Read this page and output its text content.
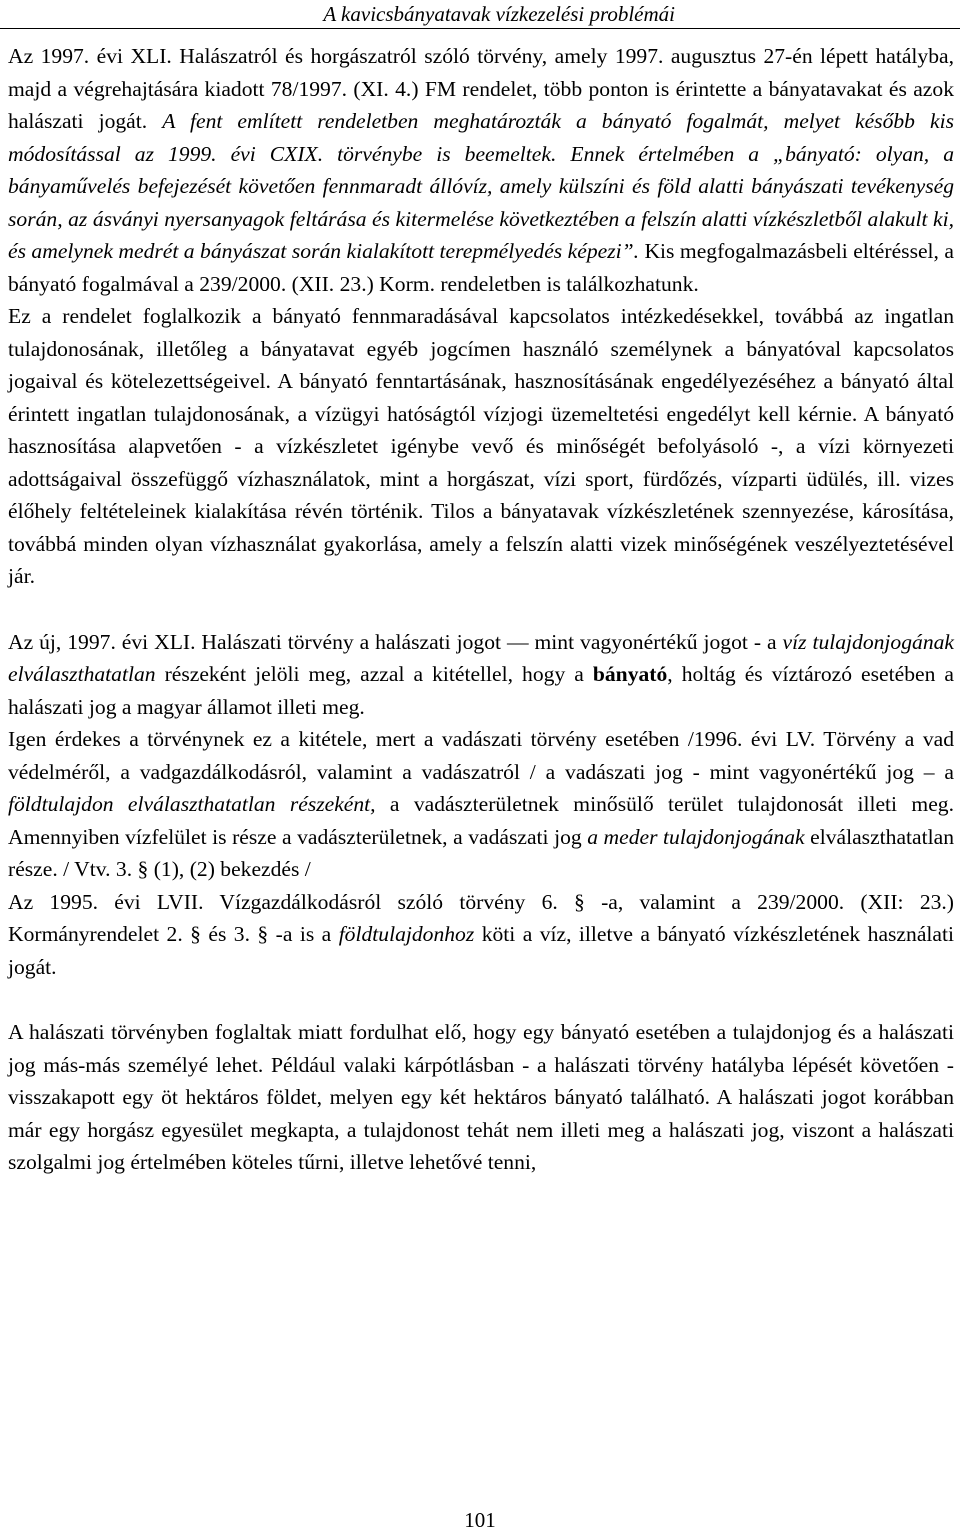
A kavicsbányatavak vízkezelési problémái

Az 1997. évi XLI. Halászatról és horgászatról szóló törvény, amely 1997. augusztus 27-én lépett hatályba, majd a végrehajtására kiadott 78/1997. (XI. 4.) FM rendelet, több ponton is érintette a bányatavakat és azok halászati jogát. A fent említett rendeletben meghatározták a bányató fogalmát, melyet később kis módosítással az 1999. évi CXIX. törvénybe is beemeltek. Ennek értelmében a „bányató: olyan, a bányaművelés befejezését követően fennmaradt állóvíz, amely külszíni és föld alatti bányászati tevékenység során, az ásványi nyersanyagok feltárása és kitermelése következtében a felszín alatti vízkészletből alakult ki, és amelynek medrét a bányászat során kialakított terepmélyedés képezi”. Kis megfogalmazásbeli eltéréssel, a bányató fogalmával a 239/2000. (XII. 23.) Korm. rendeletben is találkozhatunk.

Ez a rendelet foglalkozik a bányató fennmaradásával kapcsolatos intézkedésekkel, továbbá az ingatlan tulajdonosának, illetőleg a bányatavat egyéb jogcímen használó személynek a bányatóval kapcsolatos jogaival és kötelezettségeivel. A bányató fenntartásának, hasznosításának engedélyezéséhez a bányató által érintett ingatlan tulajdonosának, a vízügyi hatóságtól vízjogi üzemeltetési engedélyt kell kérnie. A bányató hasznosítása alapvetően - a vízkészletet igénybe vevő és minőségét befolyásoló -, a vízi környezeti adottságaival összefüggő vízhasználatok, mint a horgászat, vízi sport, fürdőzés, vízparti üdülés, ill. vizes élőhely feltételeinek kialakítása révén történik. Tilos a bányatavak vízkészletének szennyezése, károsítása, továbbá minden olyan vízhasználat gyakorlása, amely a felszín alatti vizek minőségének veszélyeztetésével jár.

Az új, 1997. évi XLI. Halászati törvény a halászati jogot — mint vagyonértékű jogot - a víz tulajdonjogának elválaszthatatlan részeként jelöli meg, azzal a kitétellel, hogy a bányató, holtág és víztározó esetében a halászati jog a magyar államot illeti meg.

Igen érdekes a törvénynek ez a kitétele, mert a vadászati törvény esetében /1996. évi LV. Törvény a vad védelméről, a vadgazdálkodásról, valamint a vadászatról / a vadászati jog - mint vagyonértékű jog – a földtulajdon elválaszthatatlan részeként, a vadászterületnek minősülő terület tulajdonosát illeti meg. Amennyiben vízfelület is része a vadászterületnek, a vadászati jog a meder tulajdonjogának elválaszthatatlan része. / Vtv. 3. § (1), (2) bekezdés /

Az 1995. évi LVII. Vízgazdálkodásról szóló törvény 6. § -a, valamint a 239/2000. (XII: 23.) Kormányrendelet 2. § és 3. § -a is a földtulajdonhoz köti a víz, illetve a bányató vízkészletének használati jogát.

A halászati törvényben foglaltak miatt fordulhat elő, hogy egy bányató esetében a tulajdonjog és a halászati jog más-más személyé lehet. Például valaki kárpótlásban - a halászati törvény hatályba lépését követően - visszakapott egy öt hektáros földet, melyen egy két hektáros bányató található. A halászati jogot korábban már egy horgász egyesület megkapta, a tulajdonost tehát nem illeti meg a halászati jog, viszont a halászati szolgalmi jog értelmében köteles tűrni, illetve lehetővé tenni,

101
